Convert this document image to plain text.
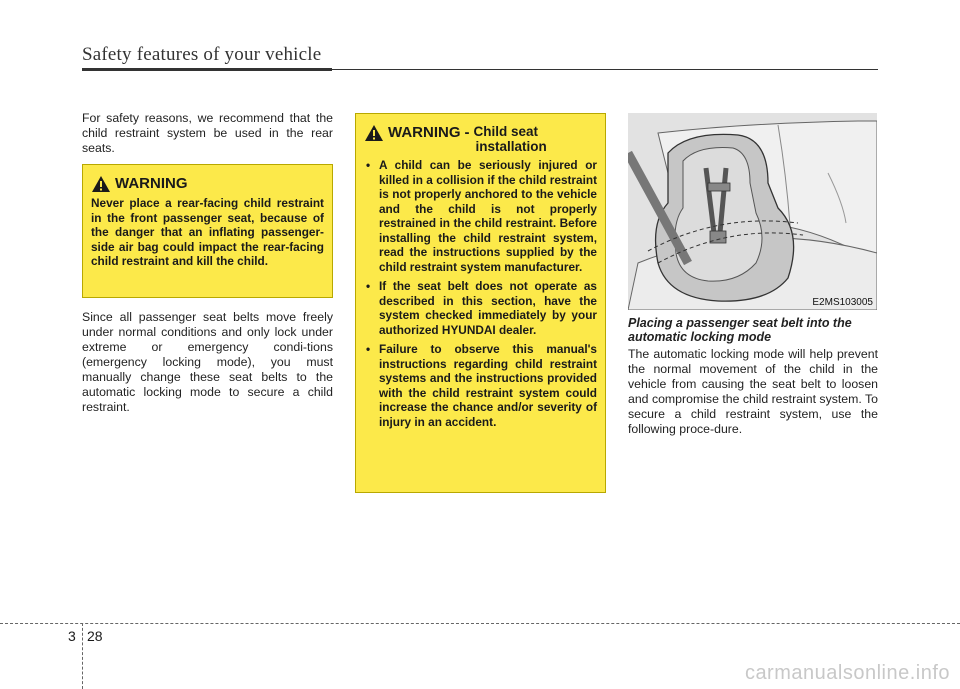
Safety features of your vehicle
For safety reasons, we recommend that the child restraint system be used in the rear seats.
WARNING
Never place a rear-facing child restraint in the front passenger seat, because of the danger that an inflating passenger-side air bag could impact the rear-facing child restraint and kill the child.
Since all passenger seat belts move freely under normal conditions and only lock under extreme or emergency condi-tions (emergency locking mode), you must manually change these seat belts to the automatic locking mode to secure a child restraint.
WARNING - Child seat
installation
• A child can be seriously injured or killed in a collision if the child restraint is not properly anchored to the vehicle and the child is not properly restrained in the child restraint. Before installing the child restraint system, read the instructions supplied by the child restraint system manufacturer.
• If the seat belt does not operate as described in this section, have the system checked immediately by your authorized HYUNDAI dealer.
• Failure to observe this manual's instructions regarding child restraint systems and the instructions provided with the child restraint system could increase the chance and/or severity of injury in an accident.
E2MS103005
Placing a passenger seat belt into the automatic locking mode
The automatic locking mode will help prevent the normal movement of the child in the vehicle from causing the seat belt to loosen and compromise the child restraint system. To secure a child restraint system, use the following proce-dure.
3 28
carmanualsonline.info
